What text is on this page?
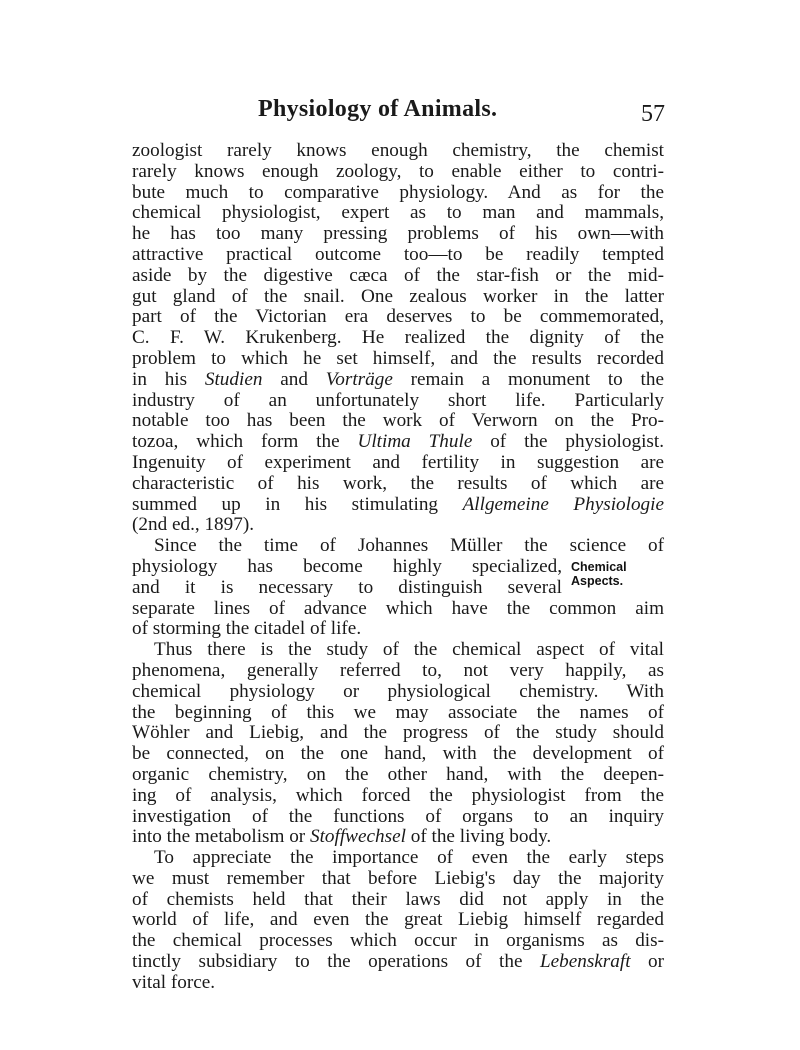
Physiology of Animals.	57
zoologist rarely knows enough chemistry, the chemist
rarely knows enough zoology, to enable either to contri-
bute much to comparative physiology. And as for the
chemical physiologist, expert as to man and mammals,
he has too many pressing problems of his own—with
attractive practical outcome too—to be readily tempted
aside by the digestive cæca of the star-fish or the mid-
gut gland of the snail. One zealous worker in the latter
part of the Victorian era deserves to be commemorated,
C. F. W. Krukenberg. He realized the dignity of the
problem to which he set himself, and the results recorded
in his Studien and Vorträge remain a monument to the
industry of an unfortunately short life. Particularly
notable too has been the work of Verworn on the Pro-
tozoa, which form the Ultima Thule of the physiologist.
Ingenuity of experiment and fertility in suggestion are
characteristic of his work, the results of which are
summed up in his stimulating Allgemeine Physiologie
(2nd ed., 1897).
Since the time of Johannes Müller the science of
physiology has become highly specialized,
and it is necessary to distinguish several
separate lines of advance which have the common aim
of storming the citadel of life.
Thus there is the study of the chemical aspect of vital
phenomena, generally referred to, not very happily, as
chemical physiology or physiological chemistry. With
the beginning of this we may associate the names of
Wöhler and Liebig, and the progress of the study should
be connected, on the one hand, with the development of
organic chemistry, on the other hand, with the deepen-
ing of analysis, which forced the physiologist from the
investigation of the functions of organs to an inquiry
into the metabolism or Stoffwechsel of the living body.
To appreciate the importance of even the early steps
we must remember that before Liebig's day the majority
of chemists held that their laws did not apply in the
world of life, and even the great Liebig himself regarded
the chemical processes which occur in organisms as dis-
tinctly subsidiary to the operations of the Lebenskraft or
vital force.
Chemical
Aspects.
